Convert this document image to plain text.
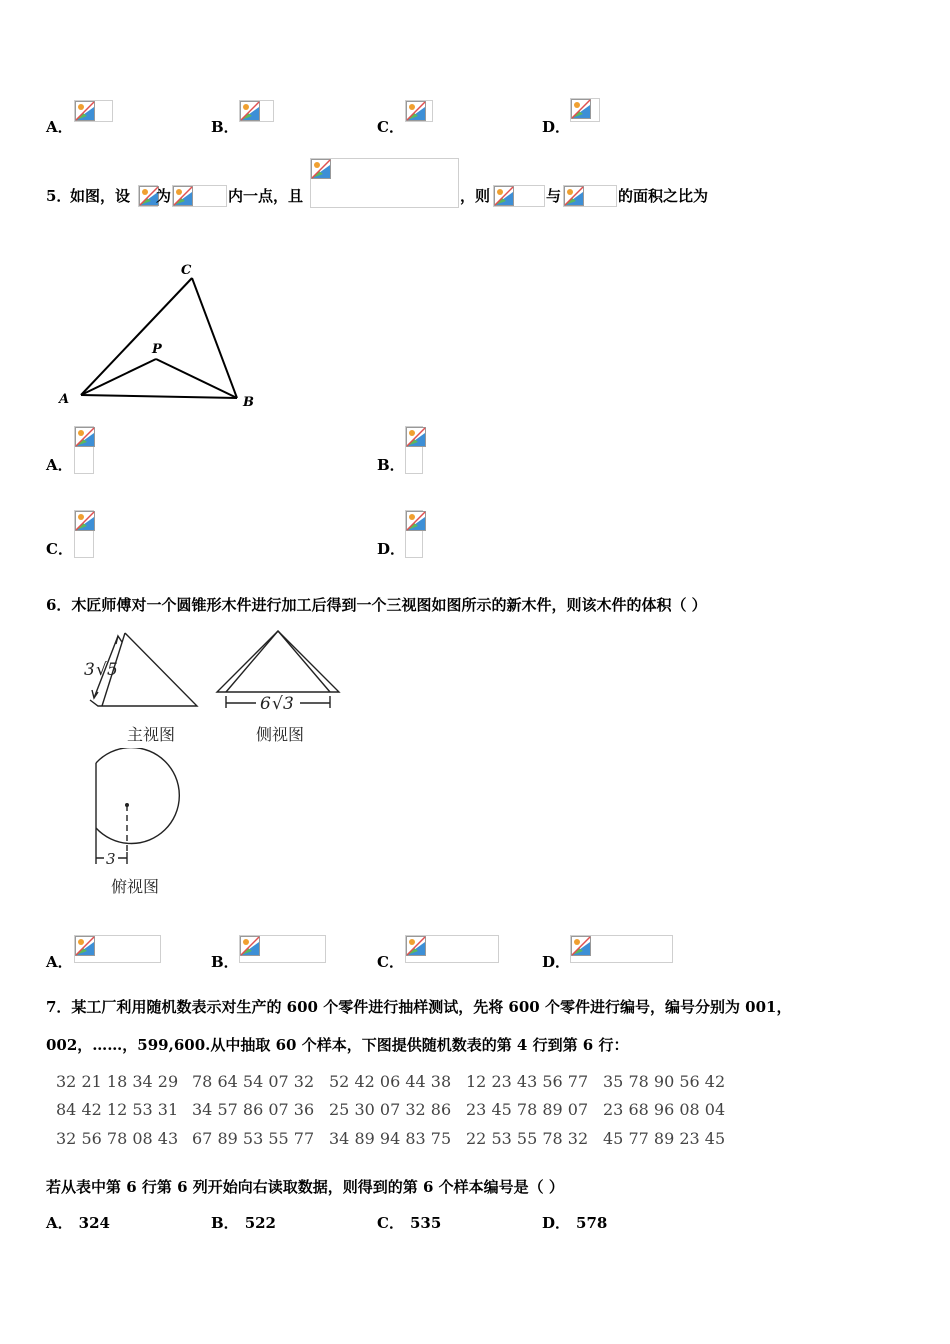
A．	B．	C．	D．
5．
如图，设 为	内一点，且	，则	与	的面积之比为
A	B
C
P
A．	B．
C．	D．
6．木匠师傅对一个圆锥形木件进行加工后得到一个三视图如图所示的新木件，则该木件的体积（ ）
3 √ 5
主视图
6 √ 3
侧视图
3
俯视图
A．	B．	C．	D．
7．某工厂利用随机数表示对生产的 600 个零件进行抽样测试，先将 600 个零件进行编号，编号分别为 001，
002，……，599,600.从中抽取 60 个样本，下图提供随机数表的第 4 行到第 6 行：
32 21 18 34 29 78 64 54 07 32 52 42 06 44 38 12 23 43 56 77 35 78 90 56 42
84 42 12 53 31 34 57 86 07 36 25 30 07 32 86 23 45 78 89 07 23 68 96 08 04
32 56 78 08 43 67 89 53 55 77 34 89 94 83 75 22 53 55 78 32 45 77 89 23 45
若从表中第 6 行第 6 列开始向右读取数据，则得到的第 6 个样本编号是（ ）
A． 324	B． 522	C． 535	D． 578
